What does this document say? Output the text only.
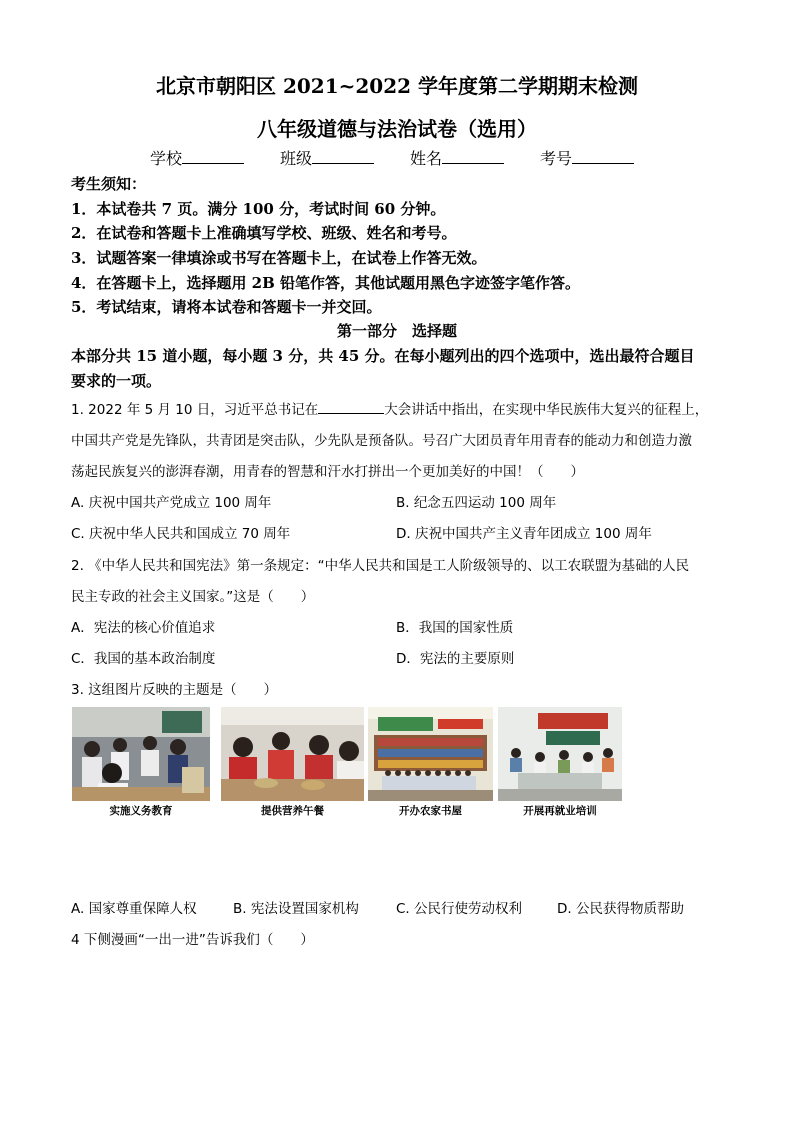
北京市朝阳区 2021~2022 学年度第二学期期末检测
八年级道德与法治试卷（选用）
学校	班级	姓名	考号
考生须知：
1．本试卷共 7 页。满分 100 分，考试时间 60 分钟。
2．在试卷和答题卡上准确填写学校、班级、姓名和考号。
3．试题答案一律填涂或书写在答题卡上，在试卷上作答无效。
4．在答题卡上，选择题用 2B 铅笔作答，其他试题用黑色字迹签字笔作答。
5．考试结束，请将本试卷和答题卡一并交回。
第一部分　选择题
本部分共 15 道小题，每小题 3 分，共 45 分。在每小题列出的四个选项中，选出最符合题目
要求的一项。
1. 2022 年 5 月 10 日，习近平总书记在	大会讲话中指出，在实现中华民族伟大复兴的征程上，
中国共产党是先锋队，共青团是突击队，少先队是预备队。号召广大团员青年用青春的能动力和创造力激
荡起民族复兴的澎湃春潮，用青春的智慧和汗水打拼出一个更加美好的中国！（　　）
A. 庆祝中国共产党成立 100 周年	B. 纪念五四运动 100 周年
C. 庆祝中华人民共和国成立 70 周年	D. 庆祝中国共产主义青年团成立 100 周年
2. 《中华人民共和国宪法》第一条规定：“中华人民共和国是工人阶级领导的、以工农联盟为基础的人民
民主专政的社会主义国家。”这是（　　）
A．宪法的核心价值追求	B．我国的国家性质
C．我国的基本政治制度	D．宪法的主要原则
3. 这组图片反映的主题是（　　）
实施义务教育	提供营养午餐	开办农家书屋	开展再就业培训
A. 国家尊重保障人权	B. 宪法设置国家机构	C. 公民行使劳动权利	D. 公民获得物质帮助
4 下侧漫画“一出一进”告诉我们（　　）
